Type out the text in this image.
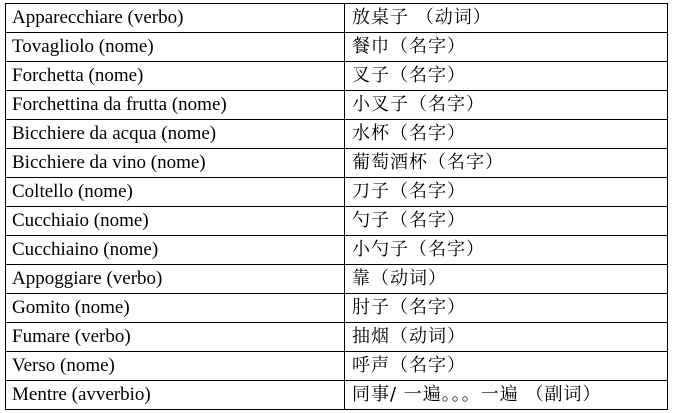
Apparecchiare (verbo)	放桌子 （动词）
Tovagliolo (nome)	餐巾（名字）
Forchetta (nome)	叉子（名字）
Forchettina da frutta (nome)	小叉子（名字）
Bicchiere da acqua (nome)	水杯（名字）
Bicchiere da vino (nome)	葡萄酒杯（名字）
Coltello (nome)	刀子（名字）
Cucchiaio (nome)	勺子（名字）
Cucchiaino (nome)	小勺子（名字）
Appoggiare (verbo)	靠（动词）
Gomito (nome)	肘子（名字）
Fumare (verbo)	抽烟（动词）
Verso (nome)	呼声（名字）
Mentre (avverbio)	同事/ 一遍。。。一遍 （副词）
